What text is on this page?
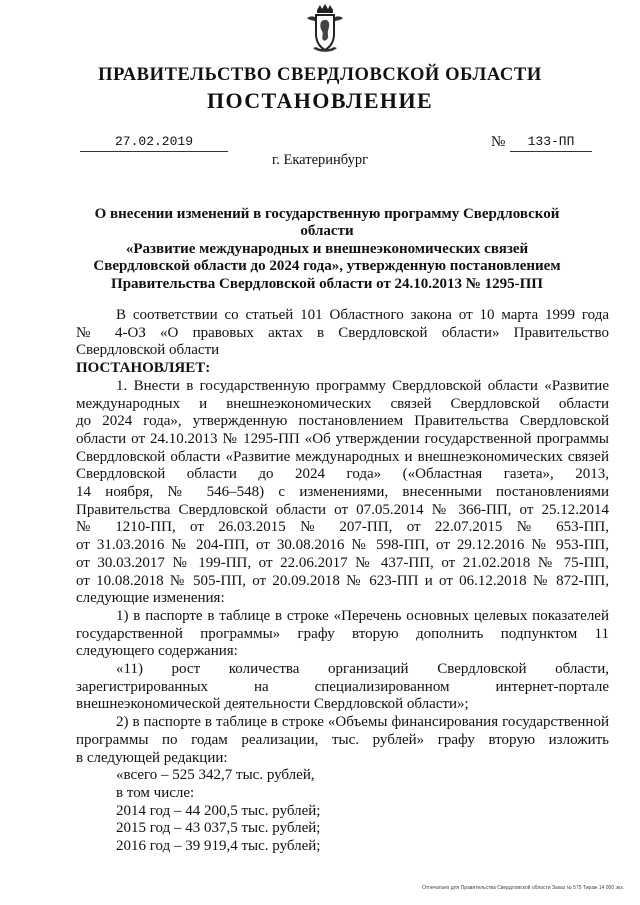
ПРАВИТЕЛЬСТВО СВЕРДЛОВСКОЙ ОБЛАСТИ
ПОСТАНОВЛЕНИЕ
27.02.2019	№	133-ПП
г. Екатеринбург
О внесении изменений в государственную программу Свердловской области
«Развитие международных и внешнеэкономических связей
Свердловской области до 2024 года», утвержденную постановлением
Правительства Свердловской области от 24.10.2013 № 1295-ПП

В соответствии со статьей 101 Областного закона от 10 марта 1999 года

№ 4-ОЗ «О правовых актах в Свердловской области» Правительство

Свердловской области

ПОСТАНОВЛЯЕТ:

1. Внести в государственную программу Свердловской области «Развитие

международных и внешнеэкономических связей Свердловской области

до 2024 года», утвержденную постановлением Правительства Свердловской

области от 24.10.2013 № 1295-ПП «Об утверждении государственной программы

Свердловской области «Развитие международных и внешнеэкономических связей

Свердловской области до 2024 года» («Областная газета», 2013,

14 ноября, № 546–548) с изменениями, внесенными постановлениями

Правительства Свердловской области от 07.05.2014 № 366-ПП, от 25.12.2014

№ 1210-ПП, от 26.03.2015 № 207-ПП, от 22.07.2015 № 653-ПП,

от 31.03.2016 № 204-ПП, от 30.08.2016 № 598-ПП, от 29.12.2016 № 953-ПП,

от 30.03.2017 № 199-ПП, от 22.06.2017 № 437-ПП, от 21.02.2018 № 75-ПП,

от 10.08.2018 № 505-ПП, от 20.09.2018 № 623-ПП и от 06.12.2018 № 872-ПП,

следующие изменения:

1) в паспорте в таблице в строке «Перечень основных целевых показателей

государственной программы» графу вторую дополнить подпунктом 11

следующего содержания:

«11) рост количества организаций Свердловской области,

зарегистрированных на специализированном интернет-портале

внешнеэкономической деятельности Свердловской области»;

2) в паспорте в таблице в строке «Объемы финансирования государственной

программы по годам реализации, тыс. рублей» графу вторую изложить

в следующей редакции:

«всего – 525 342,7 тыс. рублей,

в том числе:

2014 год – 44 200,5 тыс. рублей;

2015 год – 43 037,5 тыс. рублей;

2016 год – 39 919,4 тыс. рублей;

Отпечатано для Правительства Свердловской области Заказ № 575 Тираж 14 000 экз.
